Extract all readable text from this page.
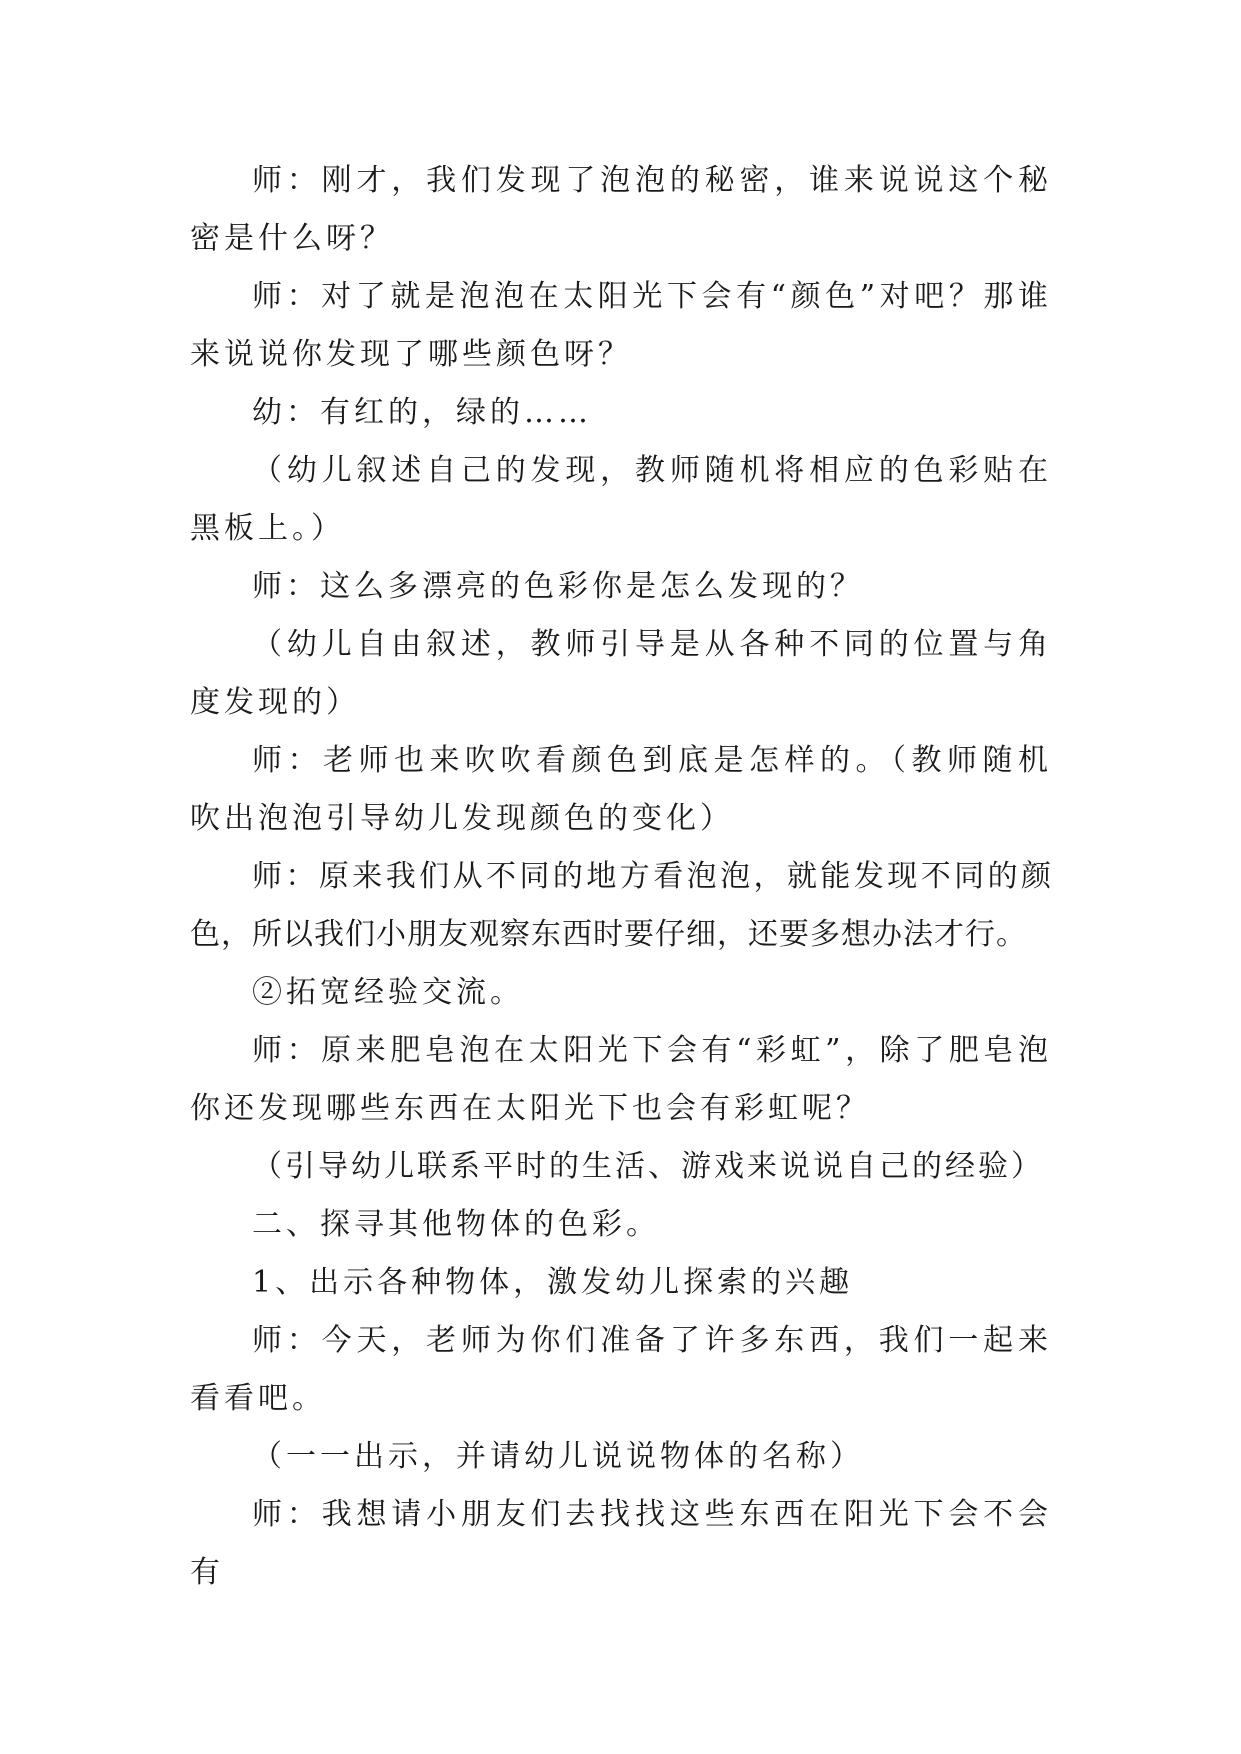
师：刚才，我们发现了泡泡的秘密，谁来说说这个秘密是什么呀？

师：对了就是泡泡在太阳光下会有“颜色”对吧？那谁来说说你发现了哪些颜色呀？

幼：有红的，绿的……

（幼儿叙述自己的发现，教师随机将相应的色彩贴在黑板上。）

师：这么多漂亮的色彩你是怎么发现的？

（幼儿自由叙述，教师引导是从各种不同的位置与角度发现的）

师：老师也来吹吹看颜色到底是怎样的。（教师随机吹出泡泡引导幼儿发现颜色的变化）

师：原来我们从不同的地方看泡泡，就能发现不同的颜色，所以我们小朋友观察东西时要仔细，还要多想办法才行。

②拓宽经验交流。

师：原来肥皂泡在太阳光下会有“彩虹”，除了肥皂泡你还发现哪些东西在太阳光下也会有彩虹呢？

（引导幼儿联系平时的生活、游戏来说说自己的经验）

二、探寻其他物体的色彩。

1、出示各种物体，激发幼儿探索的兴趣

师：今天，老师为你们准备了许多东西，我们一起来看看吧。

（一一出示，并请幼儿说说物体的名称）

师：我想请小朋友们去找找这些东西在阳光下会不会有
